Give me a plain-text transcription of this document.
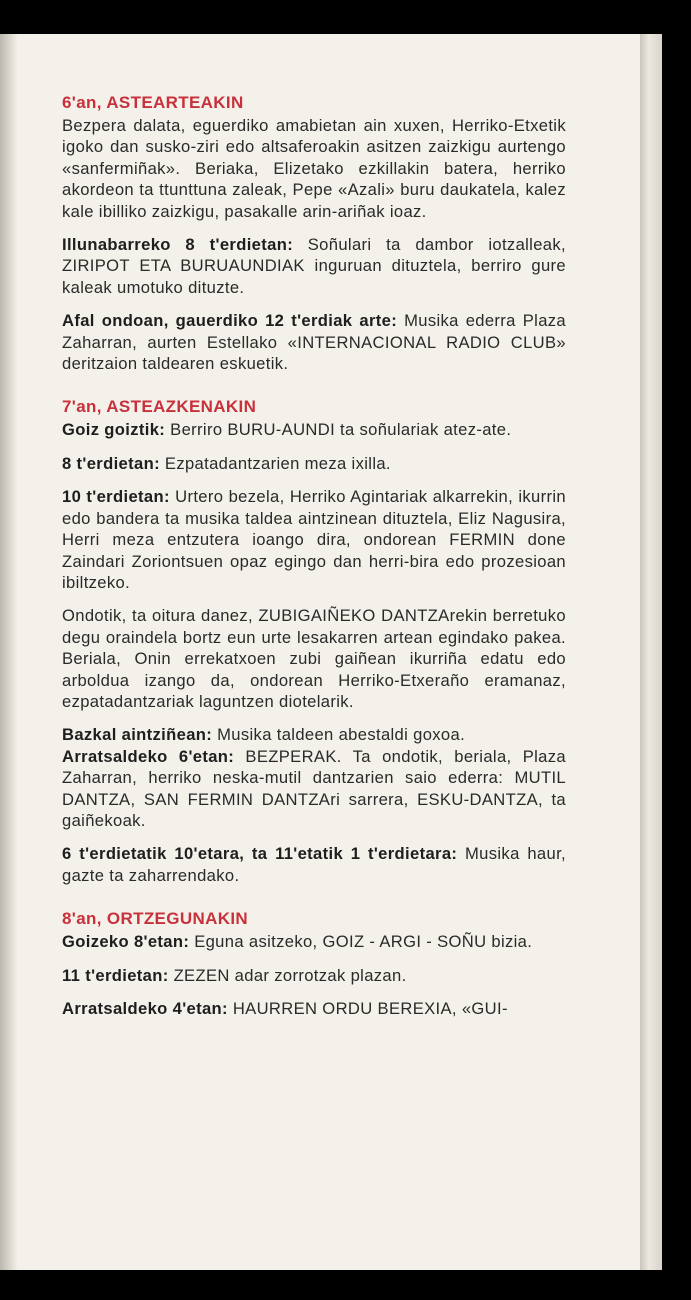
6'an, ASTEARTEAKIN

Bezpera dalata, eguerdiko amabietan ain xuxen, Herriko-Etxetik igoko dan susko-ziri edo altsaferoakin asitzen zaizkigu aurtengo «sanfermiñak». Beriaka, Elizetako ezkillakin batera, herriko akordeon ta ttunttuna zaleak, Pepe «Azali» buru daukatela, kalez kale ibilliko zaizkigu, pasakalle arin-ariñak ioaz.

Illunabarreko 8 t'erdietan: Soñulari ta dambor iotzalleak, ZIRIPOT ETA BURUAUNDIAK inguruan dituztela, berriro gure kaleak umotuko dituzte.

Afal ondoan, gauerdiko 12 t'erdiak arte: Musika ederra Plaza Zaharran, aurten Estellako «INTERNACIONAL RADIO CLUB» deritzaion taldearen eskuetik.

7'an, ASTEAZKENAKIN

Goiz goiztik: Berriro BURU-AUNDI ta soñulariak atez-ate.

8 t'erdietan: Ezpatadantzarien meza ixilla.

10 t'erdietan: Urtero bezela, Herriko Agintariak alkarrekin, ikurrin edo bandera ta musika taldea aintzinean dituztela, Eliz Nagusira, Herri meza entzutera ioango dira, ondorean FERMIN done Zaindari Zoriontsuen opaz egingo dan herri-bira edo prozesioan ibiltzeko.

Ondotik, ta oitura danez, ZUBIGAIÑEKO DANTZArekin berretuko degu oraindela bortz eun urte lesakarren artean egindako pakea. Beriala, Onin errekatxoen zubi gaiñean ikurriña edatu edo arboldua izango da, ondorean Herriko-Etxeraño eramanaz, ezpatadantzariak laguntzen diotelarik.

Bazkal aintziñean: Musika taldeen abestaldi goxoa.

Arratsaldeko 6'etan: BEZPERAK. Ta ondotik, beriala, Plaza Zaharran, herriko neska-mutil dantzarien saio ederra: MUTIL DANTZA, SAN FERMIN DANTZAri sarrera, ESKU-DANTZA, ta gaiñekoak.

6 t'erdietatik 10'etara, ta 11'etatik 1 t'erdietara: Musika haur, gazte ta zaharrendako.

8'an, ORTZEGUNAKIN

Goizeko 8'etan: Eguna asitzeko, GOIZ - ARGI - SOÑU bizia.

11 t'erdietan: ZEZEN adar zorrotzak plazan.

Arratsaldeko 4'etan: HAURREN ORDU BEREXIA, «GUI-
